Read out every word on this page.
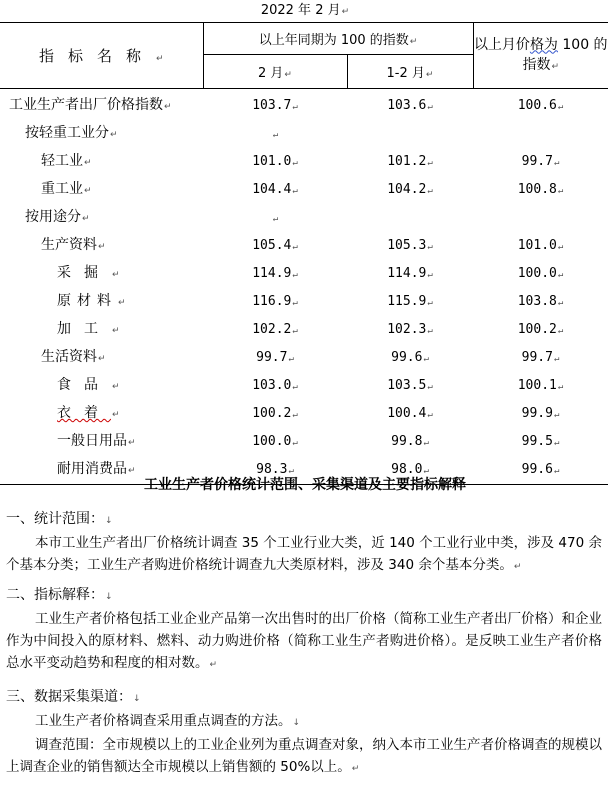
2022 年 2 月↵
指标名称↵	以上年同期为 100 的指数↵		以上月价格为 100 的指数↵
	2 月↵	1-2 月↵	
工业生产者出厂价格指数↵	103.7↵	103.6↵	100.6↵
按轻重工业分↵	↵		
轻工业↵	101.0↵	101.2↵	99.7↵
重工业↵	104.4↵	104.2↵	100.8↵
按用途分↵	↵		
生产资料↵	105.4↵	105.3↵	101.0↵
采掘↵	114.9↵	114.9↵	100.0↵
原材料↵	116.9↵	115.9↵	103.8↵
加工↵	102.2↵	102.3↵	100.2↵
生活资料↵	99.7↵	99.6↵	99.7↵
食品↵	103.0↵	103.5↵	100.1↵
衣着↵	100.2↵	100.4↵	99.9↵
一般日用品↵	100.0↵	99.8↵	99.5↵
耐用消费品↵	98.3↵	98.0↵	99.6↵
工业生产者价格统计范围、采集渠道及主要指标解释
一、统计范围：↓
本市工业生产者出厂价格统计调查 35 个工业行业大类，近 140 个工业行业中类，涉及 470 余个基本分类；工业生产者购进价格统计调查九大类原材料，涉及 340 余个基本分类。↵
二、指标解释：↓
工业生产者价格包括工业企业产品第一次出售时的出厂价格（简称工业生产者出厂价格）和企业作为中间投入的原材料、燃料、动力购进价格（简称工业生产者购进价格）。是反映工业生产者价格总水平变动趋势和程度的相对数。↵
三、数据采集渠道：↓
工业生产者价格调查采用重点调查的方法。↓
调查范围：全市规模以上的工业企业列为重点调查对象，纳入本市工业生产者价格调查的规模以上调查企业的销售额达全市规模以上销售额的 50%以上。↵
